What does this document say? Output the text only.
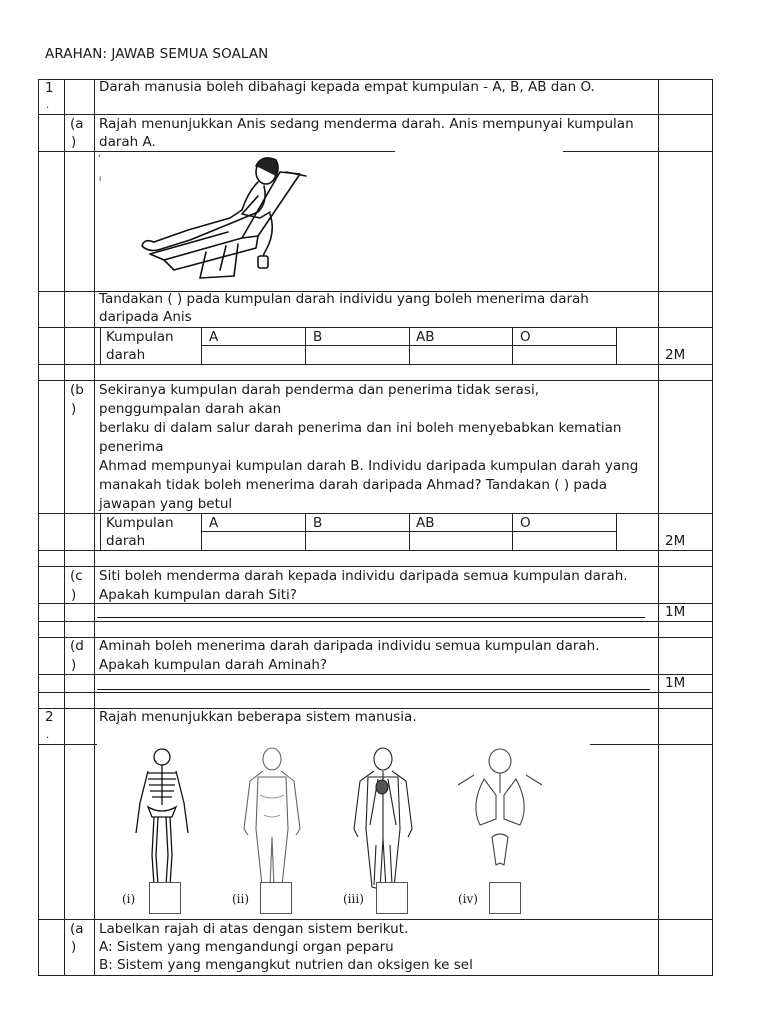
ARAHAN: JAWAB SEMUA SOALAN
1
.
Darah manusia boleh dibahagi kepada empat kumpulan - A, B, AB dan O.
(a
)
Rajah menunjukkan Anis sedang menderma darah. Anis mempunyai kumpulan
darah A.
‘
ı
Tandakan ( ) pada kumpulan darah individu yang boleh menerima darah
daripada Anis
Kumpulan
darah
A	B	AB	O
2M
(b
)
Sekiranya kumpulan darah penderma dan penerima tidak serasi,
penggumpalan darah akan
berlaku di dalam salur darah penerima dan ini boleh menyebabkan kematian
penerima
Ahmad mempunyai kumpulan darah B. Individu daripada kumpulan darah yang
manakah tidak boleh menerima darah daripada Ahmad? Tandakan ( ) pada
jawapan yang betul
Kumpulan
darah
A	B	AB	O
2M
(c
)
Siti boleh menderma darah kepada individu daripada semua kumpulan darah.
Apakah kumpulan darah Siti?
1M
(d
)
Aminah boleh menerima darah daripada individu semua kumpulan darah.
Apakah kumpulan darah Aminah?
1M
2
.
Rajah menunjukkan beberapa sistem manusia.
(i)	(ii)	(iii)	(iv)
(a
)
Labelkan rajah di atas dengan sistem berikut.
A: Sistem yang mengandungi organ peparu
B: Sistem yang mengangkut nutrien dan oksigen ke sel
